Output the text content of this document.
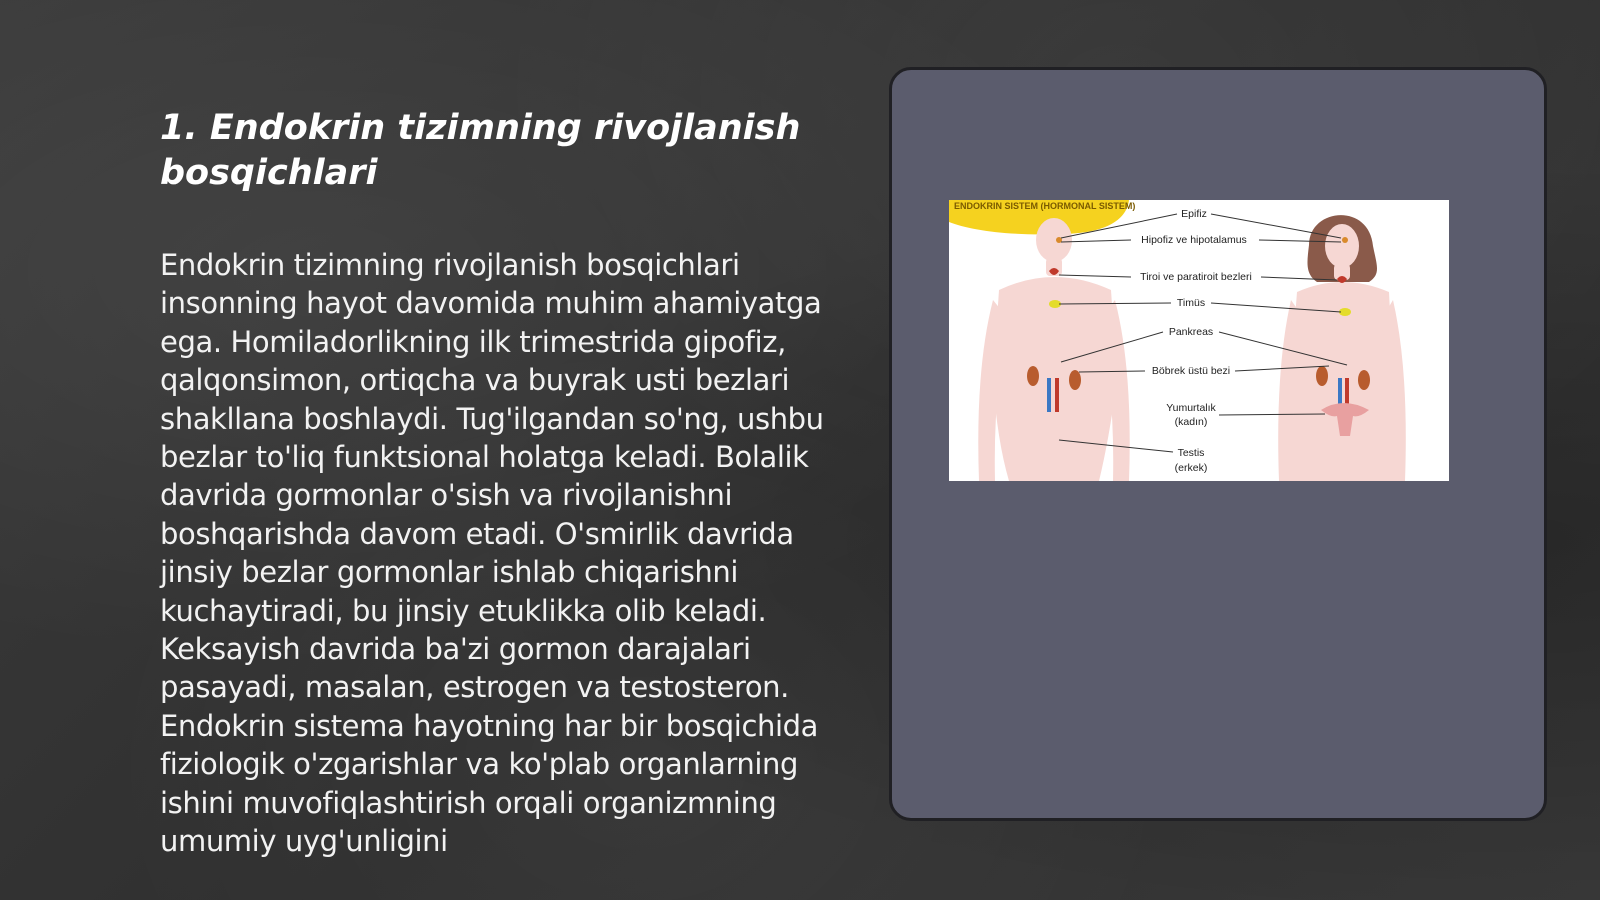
1. Endokrin tizimning rivojlanish bosqichlari

Endokrin tizimning rivojlanish bosqichlari insonning hayot davomida muhim ahamiyatga ega. Homiladorlikning ilk trimestrida gipofiz, qalqonsimon, ortiqcha va buyrak usti bezlari shakllana boshlaydi. Tug'ilgandan so'ng, ushbu bezlar to'liq funktsional holatga keladi. Bolalik davrida gormonlar o'sish va rivojlanishni boshqarishda davom etadi. O'smirlik davrida jinsiy bezlar gormonlar ishlab chiqarishni kuchaytiradi, bu jinsiy etuklikka olib keladi. Keksayish davrida ba'zi gormon darajalari pasayadi, masalan, estrogen va testosteron. Endokrin sistema hayotning har bir bosqichida fiziologik o'zgarishlar va ko'plab organlarning ishini muvofiqlashtirish orqali organizmning umumiy uyg'unligini

ENDOKRIN SISTEM (HORMONAL SISTEM)
Epifiz
Hipofiz ve hipotalamus
Tiroi ve paratiroit bezleri
Timüs
Pankreas
Böbrek üstü bezi
Yumurtalık
(kadın)
Testis
(erkek)
